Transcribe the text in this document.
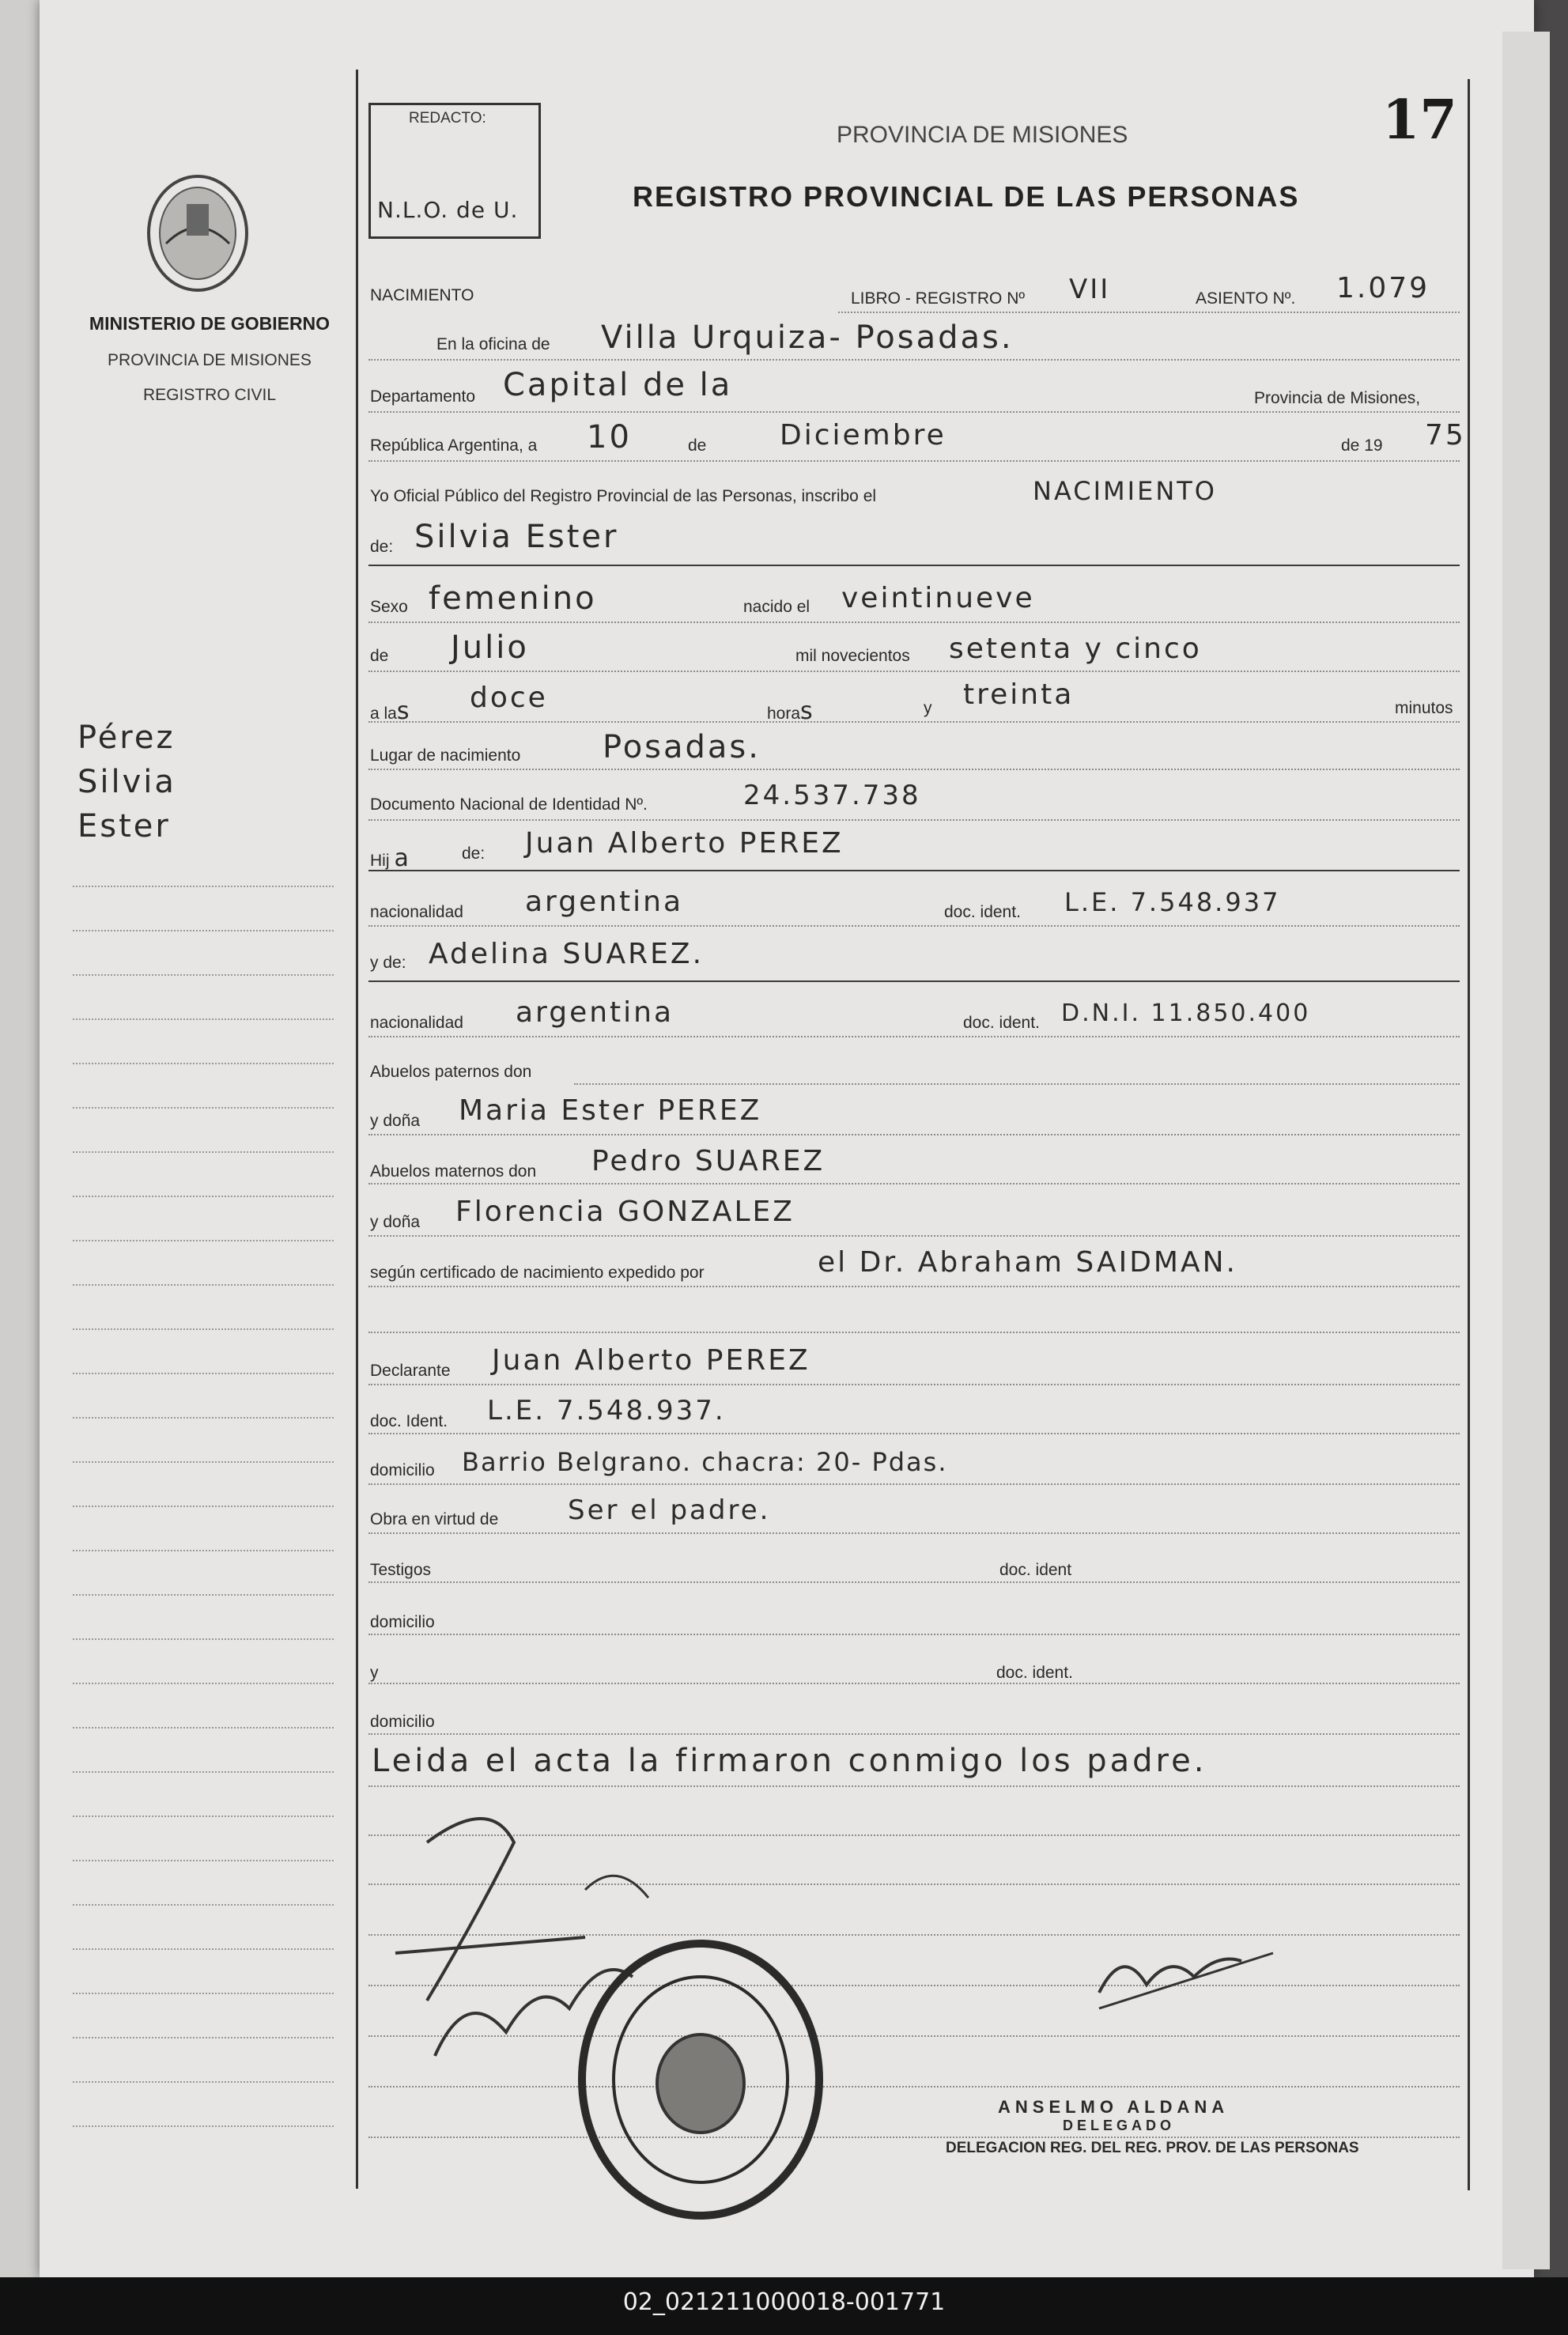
MINISTERIO DE GOBIERNO
PROVINCIA DE MISIONES
REGISTRO CIVIL
Pérez
Silvia
Ester
REDACTO:
N.L.O. de U.
PROVINCIA DE MISIONES
REGISTRO PROVINCIAL DE LAS PERSONAS
17
NACIMIENTO	LIBRO - REGISTRO Nº VII	ASIENTO Nº. 1.079
En la oficina de Villa Urquiza- Posadas.
Departamento Capital de la	Provincia de Misiones,
República Argentina, a 10	de	Diciembre	de 19 75
Yo Oficial Público del Registro Provincial de las Personas, inscribo el	NACIMIENTO
de: Silvia Ester
Sexo femenino	nacido el veintinueve
de Julio	mil novecientos setenta y cinco
a las doce	horas	y treinta	minutos
Lugar de nacimiento	Posadas.
Documento Nacional de Identidad Nº.	24.537.738
Hij a	de: Juan Alberto PEREZ
nacionalidad argentina	doc. ident. L.E. 7.548.937
y de: Adelina SUAREZ.
nacionalidad argentina	doc. ident. D.N.I. 11.850.400
Abuelos paternos don
y doña Maria Ester PEREZ
Abuelos maternos don Pedro SUAREZ
y doña Florencia GONZALEZ
según certificado de nacimiento expedido por	el Dr. Abraham SAIDMAN.
Declarante Juan Alberto PEREZ
doc. Ident. L.E. 7.548.937.
domicilio Barrio Belgrano. chacra: 20- Pdas.
Obra en virtud de	Ser el padre.
Testigos	doc. ident
domicilio
y	doc. ident.
domicilio
Leida el acta la firmaron conmigo los padre.
ANSELMO ALDANA
DELEGADO
DELEGACION REG. DEL REG. PROV. DE LAS PERSONAS
02_021211000018-001771
